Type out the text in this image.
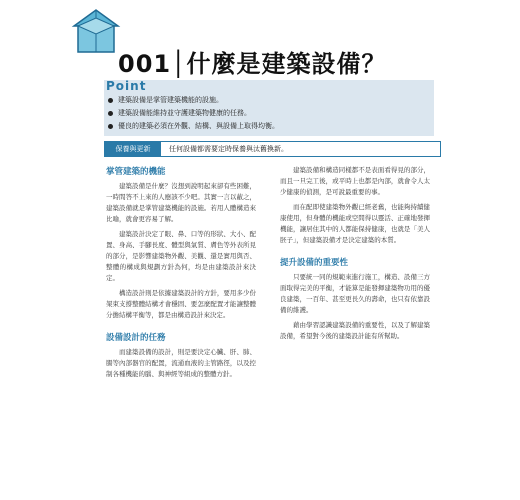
001│什麼是建築設備？
Point
建築設備是掌管建築機能的設施。
建築設備能維持並守護建築物健康的任務。
優良的建築必須在外觀、結構、與設備上取得均衡。
保養與更新	任何設備都需要定時保養與汰舊換新。
掌管建築的機能

建築設備是什麼？沒想到說明起來卻有些困難，一時間答不上來的人應該不少吧。其實一言以蔽之，建築設備就是掌管建築機能的設施。若用人體構造來比喻，就會更容易了解。

建築設計決定了眼、鼻、口等的形狀、大小、配置、身高、手腳長度、體型與氣質、膚色等外表所見的部分，是影響建築物外觀、美觀、還是實用與否、整體的構成與規劃方針為何，均是由建築設計來決定。

構造設計則是依據建築設計的方針，要用多少份架束支撐整體結構才會穩固、要怎麼配置才能讓整體分擔結構平衡等，都是由構造設計來決定。

設備設計的任務

而建築設備的設計，則是要決定心臟、肝、肺、腸等內部器官的配置，流通血液的主管路徑，以及控制各種機能的腦、與神經等組成的整體方針。

建築設備和構造同樣都不是表面看得見的部分，而且一旦完工後，或平時上也都是內部，就會令人太少健康的偵測，是可說最重要的事。

而在配即使建築物外觀已經老舊，也能夠持續健康使用，但身體的機能或空間得以靈活、正確地發揮機能，讓居住其中的人都能保持健康，也就是「美人胚子」，但建築設備才是決定建築的本質。

提升設備的重要性

只要統一同的規範來進行施工，構造、設備三方面取得完美的平衡，才能算是能發揮建築物功用的優良建築，一百年、甚至更長久的壽命，也只有依靠設備的維護。

藉由學習認識建築設備的重要性，以及了解建築設備，希望對今後的建築設計能有所幫助。
